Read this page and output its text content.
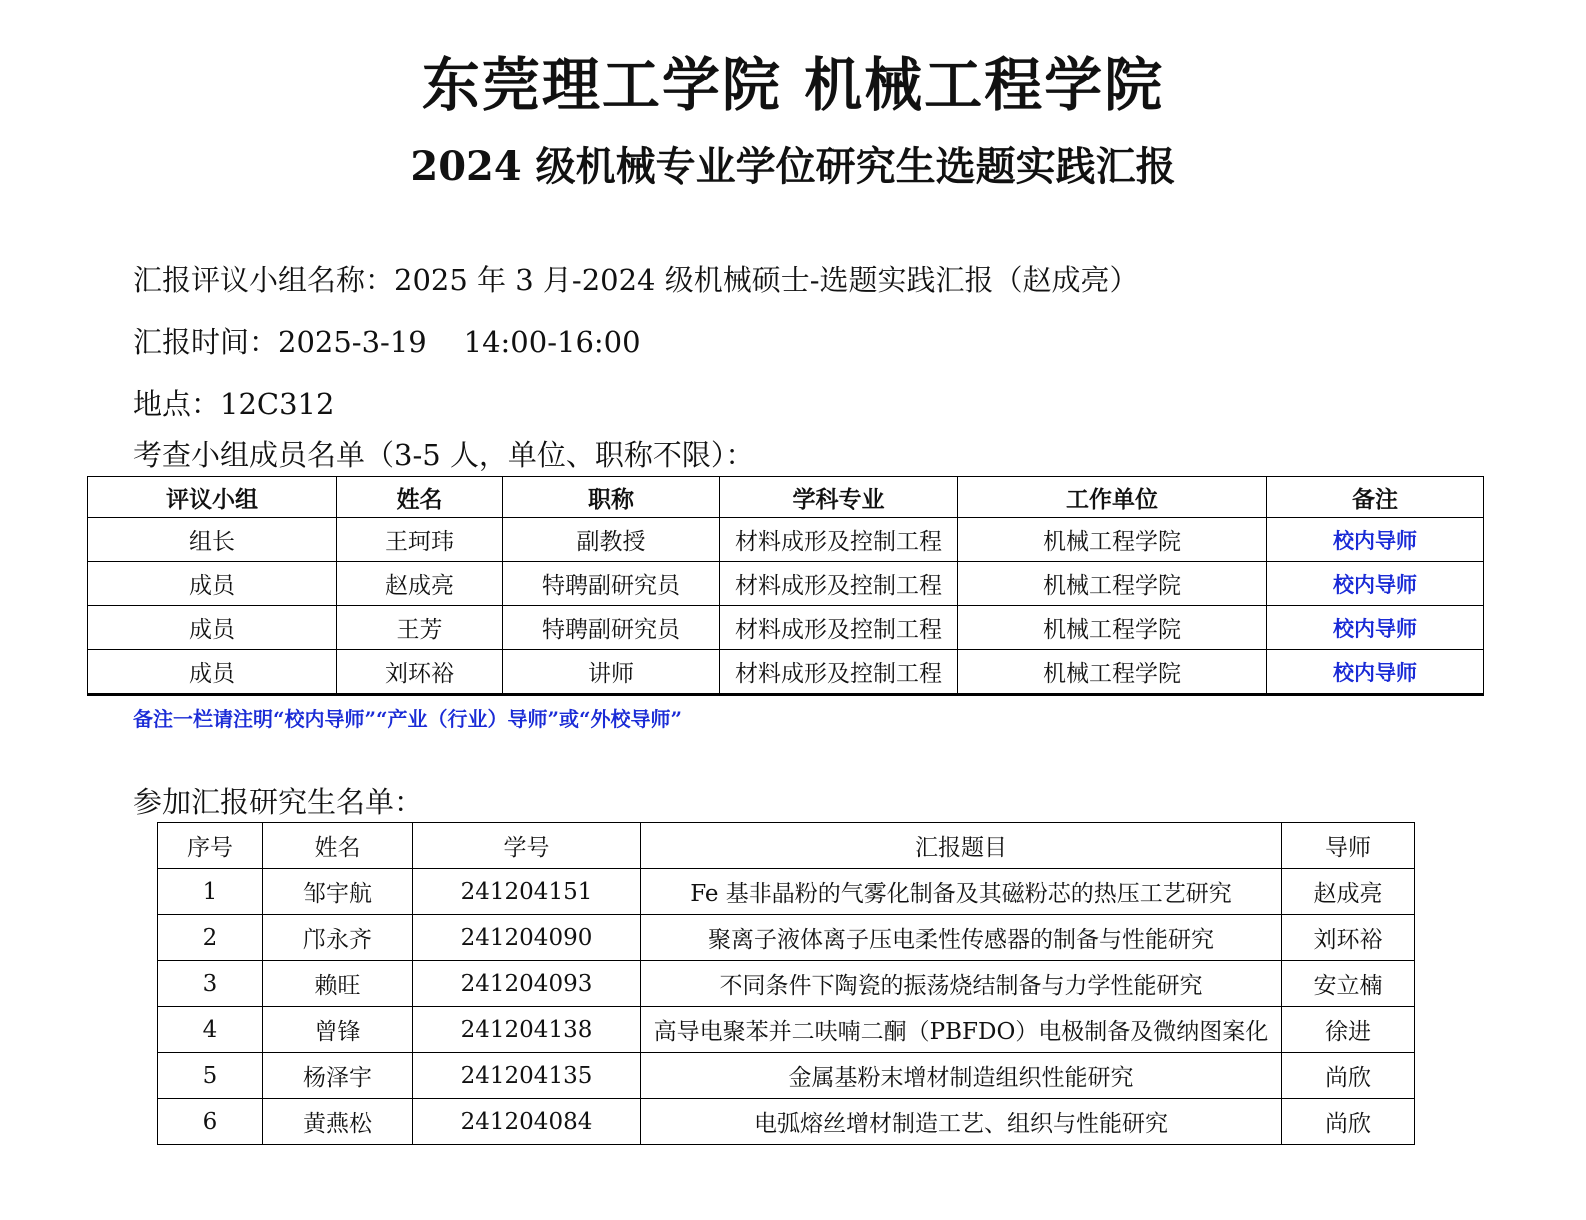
东莞理工学院 机械工程学院
2024 级机械专业学位研究生选题实践汇报
汇报评议小组名称：2025 年 3 月-2024 级机械硕士-选题实践汇报（赵成亮）
汇报时间：2025-3-19    14:00-16:00
地点：12C312
考查小组成员名单（3-5 人，单位、职称不限）：
评议小组	姓名	职称	学科专业	工作单位	备注
组长	王珂玮	副教授	材料成形及控制工程	机械工程学院	校内导师
成员	赵成亮	特聘副研究员	材料成形及控制工程	机械工程学院	校内导师
成员	王芳	特聘副研究员	材料成形及控制工程	机械工程学院	校内导师
成员	刘环裕	讲师	材料成形及控制工程	机械工程学院	校内导师
备注一栏请注明“校内导师”“产业（行业）导师”或“外校导师”
参加汇报研究生名单：
序号	姓名	学号	汇报题目	导师
1	邹宇航	241204151	Fe 基非晶粉的气雾化制备及其磁粉芯的热压工艺研究	赵成亮
2	邝永齐	241204090	聚离子液体离子压电柔性传感器的制备与性能研究	刘环裕
3	赖旺	241204093	不同条件下陶瓷的振荡烧结制备与力学性能研究	安立楠
4	曾锋	241204138	高导电聚苯并二呋喃二酮（PBFDO）电极制备及微纳图案化	徐进
5	杨泽宇	241204135	金属基粉末增材制造组织性能研究	尚欣
6	黄燕松	241204084	电弧熔丝增材制造工艺、组织与性能研究	尚欣
